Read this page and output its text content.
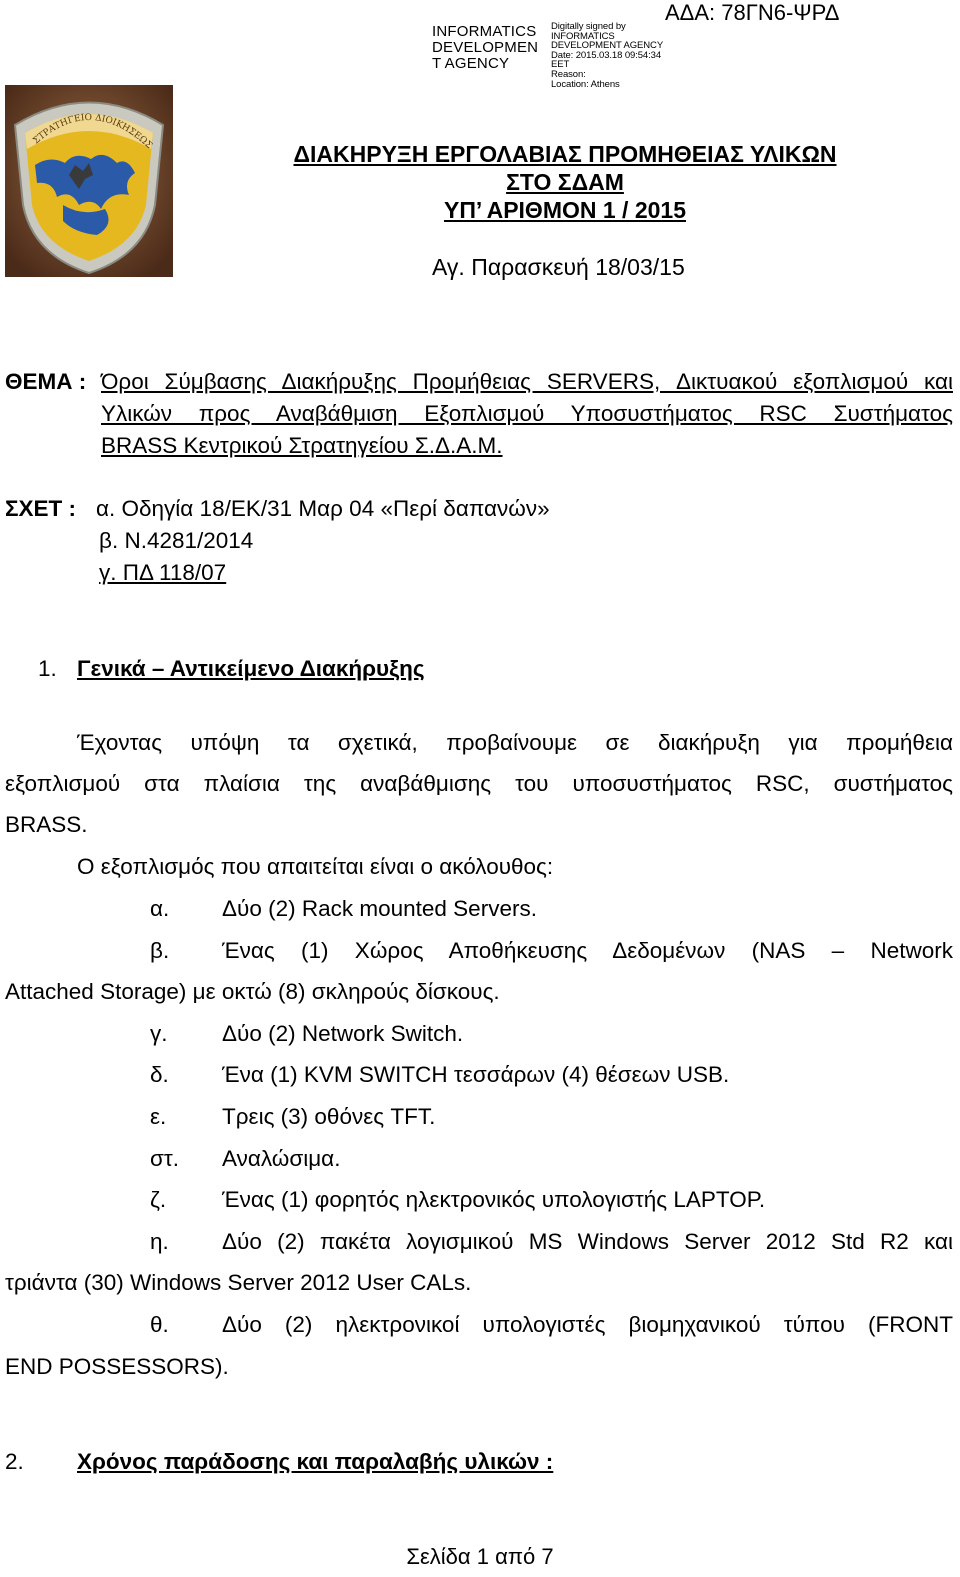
INFORMATICS
DEVELOPMEN
T AGENCY
Digitally signed by
INFORMATICS
DEVELOPMENT AGENCY
Date: 2015.03.18 09:54:34
EET
Reason:
Location: Athens
ΑΔΑ: 78ΓΝ6-ΨΡΔ
ΣΤΡΑΤΗΓΕΙΟ ΔΙΟΙΚΗΣΕΩΣ	ΔΙΑΚΗΡΥΞΗ ΕΡΓΟΛΑΒΙΑΣ ΠΡΟΜΗΘΕΙΑΣ ΥΛΙΚΩΝ
ΣΤΟ ΣΔΑΜ
ΥΠ’ ΑΡΙΘΜΟΝ 1 / 2015
Αγ. Παρασκευή 18/03/15
ΘΕΜΑ : Όροι Σύμβασης Διακήρυξης Προμήθειας SERVERS, Δικτυακού εξοπλισμού και
Υλικών προς Αναβάθμιση Εξοπλισμού Υποσυστήματος RSC Συστήματος
BRASS Κεντρικού Στρατηγείου Σ.Δ.Α.Μ.
ΣΧΕΤ : α. Οδηγία 18/ΕΚ/31 Μαρ 04 «Περί δαπανών»
β. Ν.4281/2014
γ. ΠΔ 118/07
1. Γενικά – Αντικείμενο Διακήρυξης
Έχοντας υπόψη τα σχετικά, προβαίνουμε σε διακήρυξη για προμήθεια
εξοπλισμού στα πλαίσια της αναβάθμισης του υποσυστήματος RSC, συστήματος
BRASS.
Ο εξοπλισμός που απαιτείται είναι ο ακόλουθος:
α. Δύο (2) Rack mounted Servers.
β. Ένας (1) Χώρος Αποθήκευσης Δεδομένων (NAS – Network
Attached Storage) με οκτώ (8) σκληρούς δίσκους.
γ. Δύο (2) Network Switch.
δ. Ένα (1) KVM SWITCH τεσσάρων (4) θέσεων USB.
ε. Τρεις (3) οθόνες TFT.
στ. Αναλώσιμα.
ζ. Ένας (1) φορητός ηλεκτρονικός υπολογιστής LAPTOP.
η. Δύο (2) πακέτα λογισμικού MS Windows Server 2012 Std R2 και
τριάντα (30) Windows Server 2012 User CALs.
θ. Δύο (2) ηλεκτρονικοί υπολογιστές βιομηχανικού τύπου (FRONT
END POSSESSORS).
2. Χρόνος παράδοσης και παραλαβής υλικών :
Σελίδα 1 από 7
